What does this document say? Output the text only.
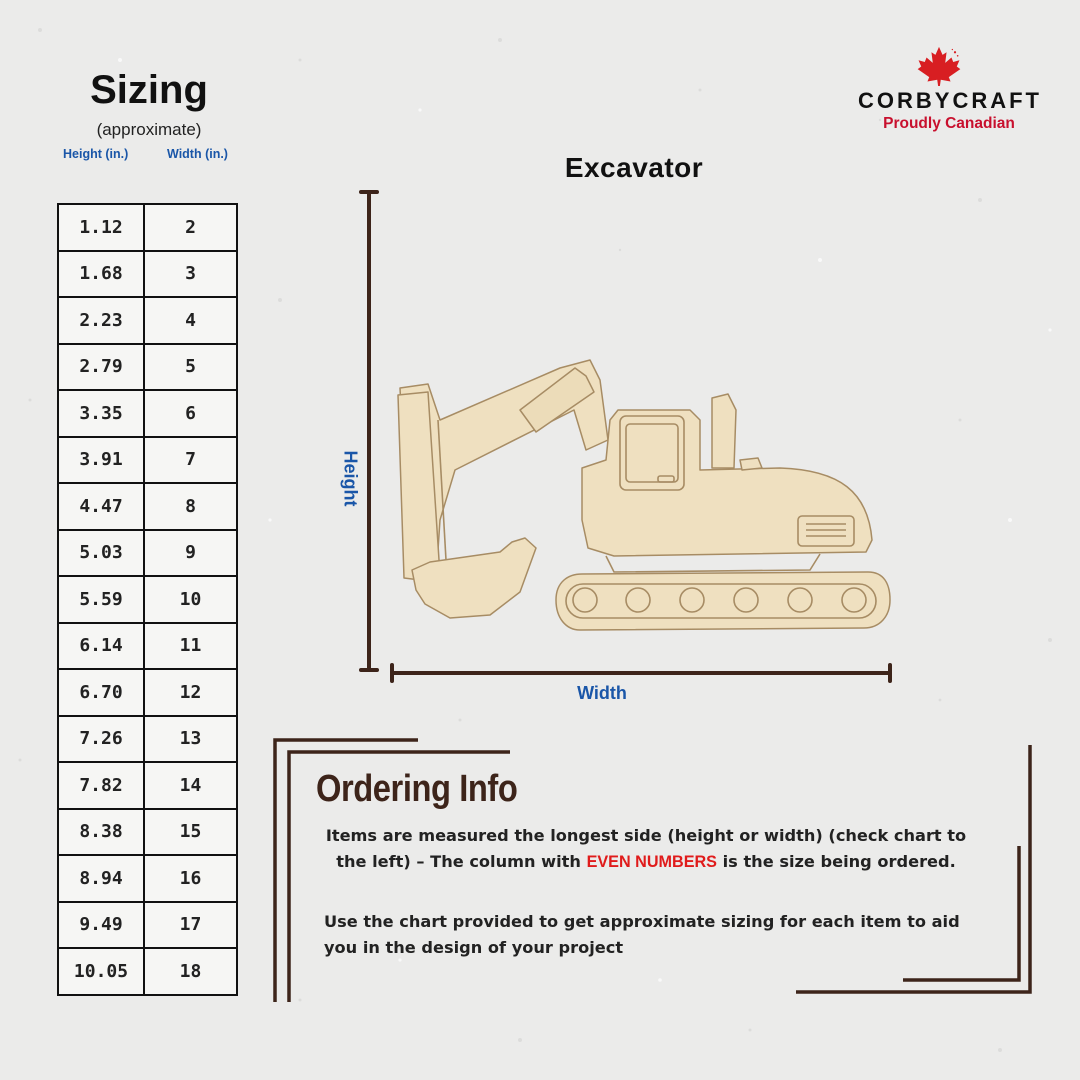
Sizing
(approximate)
Height (in.)	Width (in.)
1.12	2
1.68	3
2.23	4
2.79	5
3.35	6
3.91	7
4.47	8
5.03	9
5.59	10
6.14	11
6.70	12
7.26	13
7.82	14
8.38	15
8.94	16
9.49	17
10.05	18
CORBYCRAFT
Proudly Canadian
Excavator
Height
Width
Ordering Info
Items are measured the longest side (height or width) (check chart to the left) – The column with EVEN NUMBERS is the size being ordered.
Use the chart provided to get approximate sizing for each item to aid you in the design of your project
